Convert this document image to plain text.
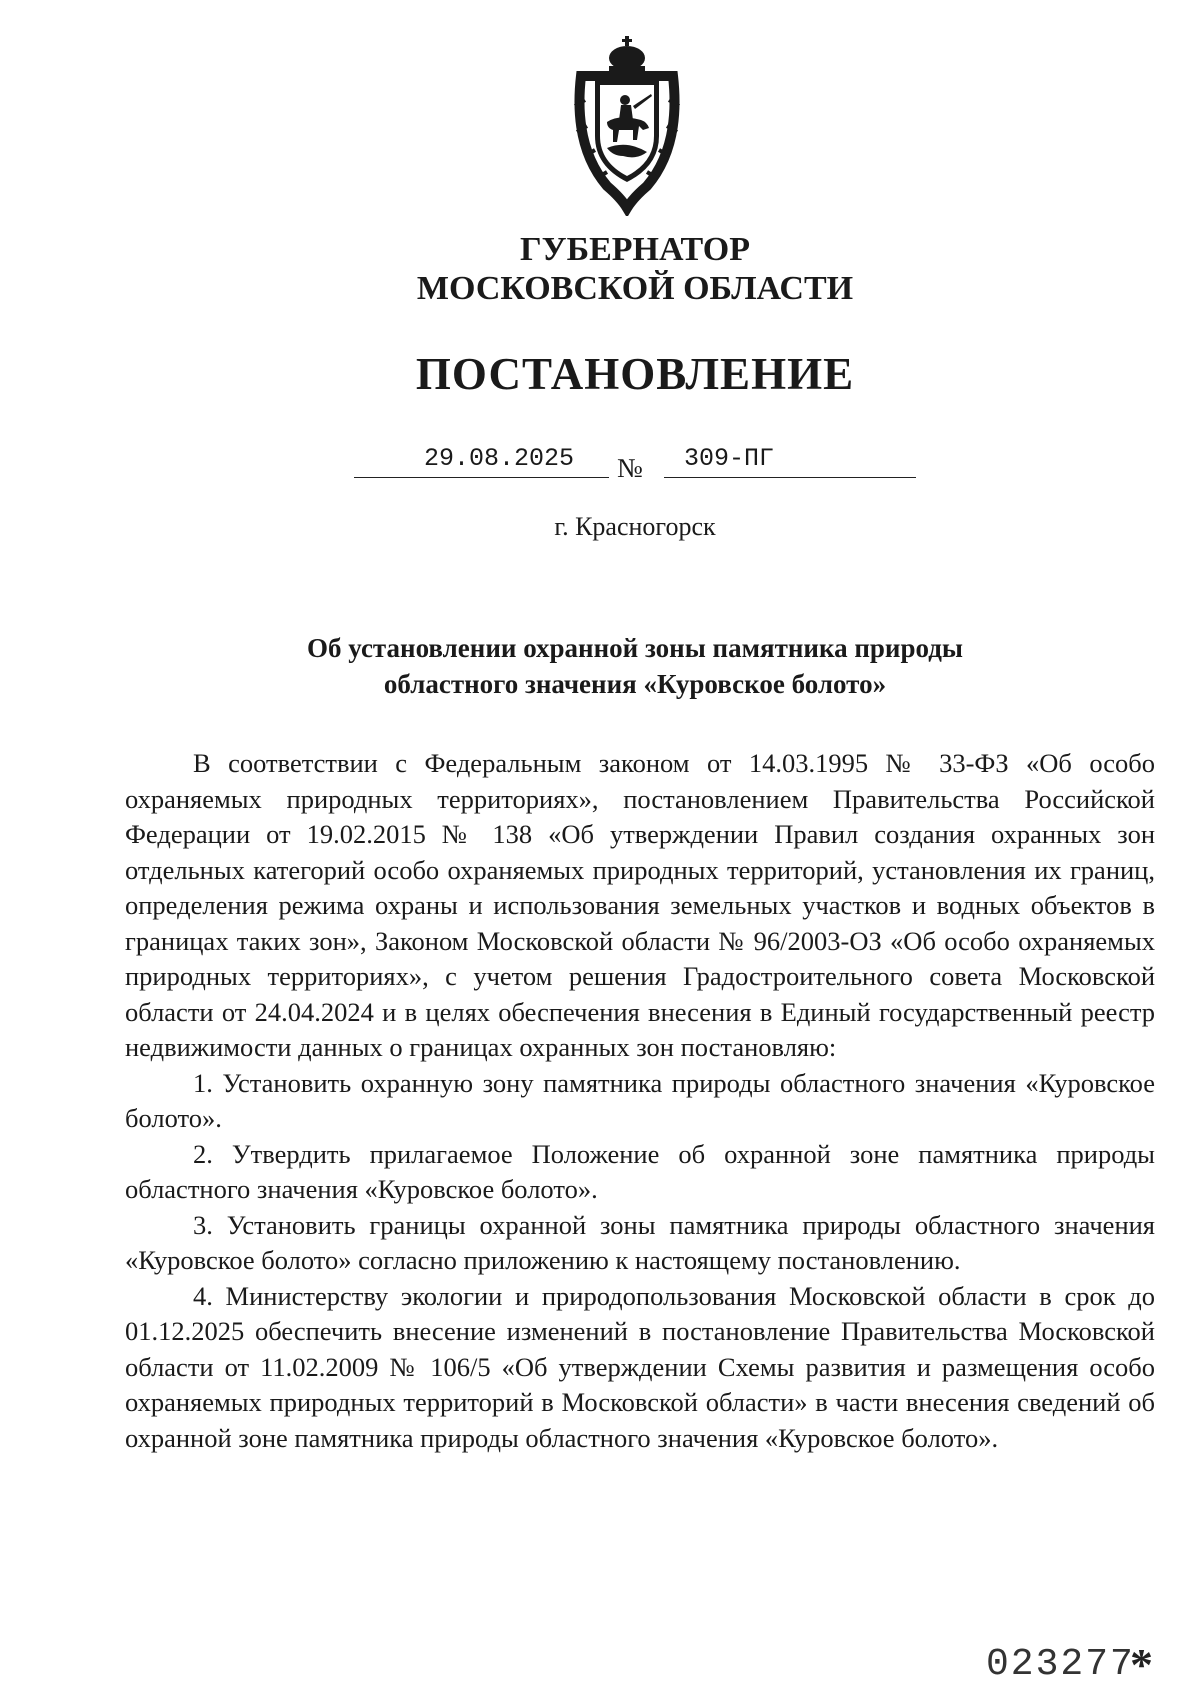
ГУБЕРНАТОР
МОСКОВСКОЙ ОБЛАСТИ
ПОСТАНОВЛЕНИЕ
29.08.2025 № 309-ПГ
г. Красногорск
Об установлении охранной зоны памятника природы
областного значения «Куровское болото»

В соответствии с Федеральным законом от 14.03.1995 № 33-ФЗ «Об особо охраняемых природных территориях», постановлением Правительства Российской Федерации от 19.02.2015 № 138 «Об утверждении Правил создания охранных зон отдельных категорий особо охраняемых природных территорий, установления их границ, определения режима охраны и использования земельных участков и водных объектов в границах таких зон», Законом Московской области № 96/2003-ОЗ «Об особо охраняемых природных территориях», с учетом решения Градостроительного совета Московской области от 24.04.2024 и в целях обеспечения внесения в Единый государственный реестр недвижимости данных о границах охранных зон постановляю:

1. Установить охранную зону памятника природы областного значения «Куровское болото».

2. Утвердить прилагаемое Положение об охранной зоне памятника природы областного значения «Куровское болото».

3. Установить границы охранной зоны памятника природы областного значения «Куровское болото» согласно приложению к настоящему постановлению.

4. Министерству экологии и природопользования Московской области в срок до 01.12.2025 обеспечить внесение изменений в постановление Правительства Московской области от 11.02.2009 № 106/5 «Об утверждении Схемы развития и размещения особо охраняемых природных территорий в Московской области» в части внесения сведений об охранной зоне памятника природы областного значения «Куровское болото».

023277
*
